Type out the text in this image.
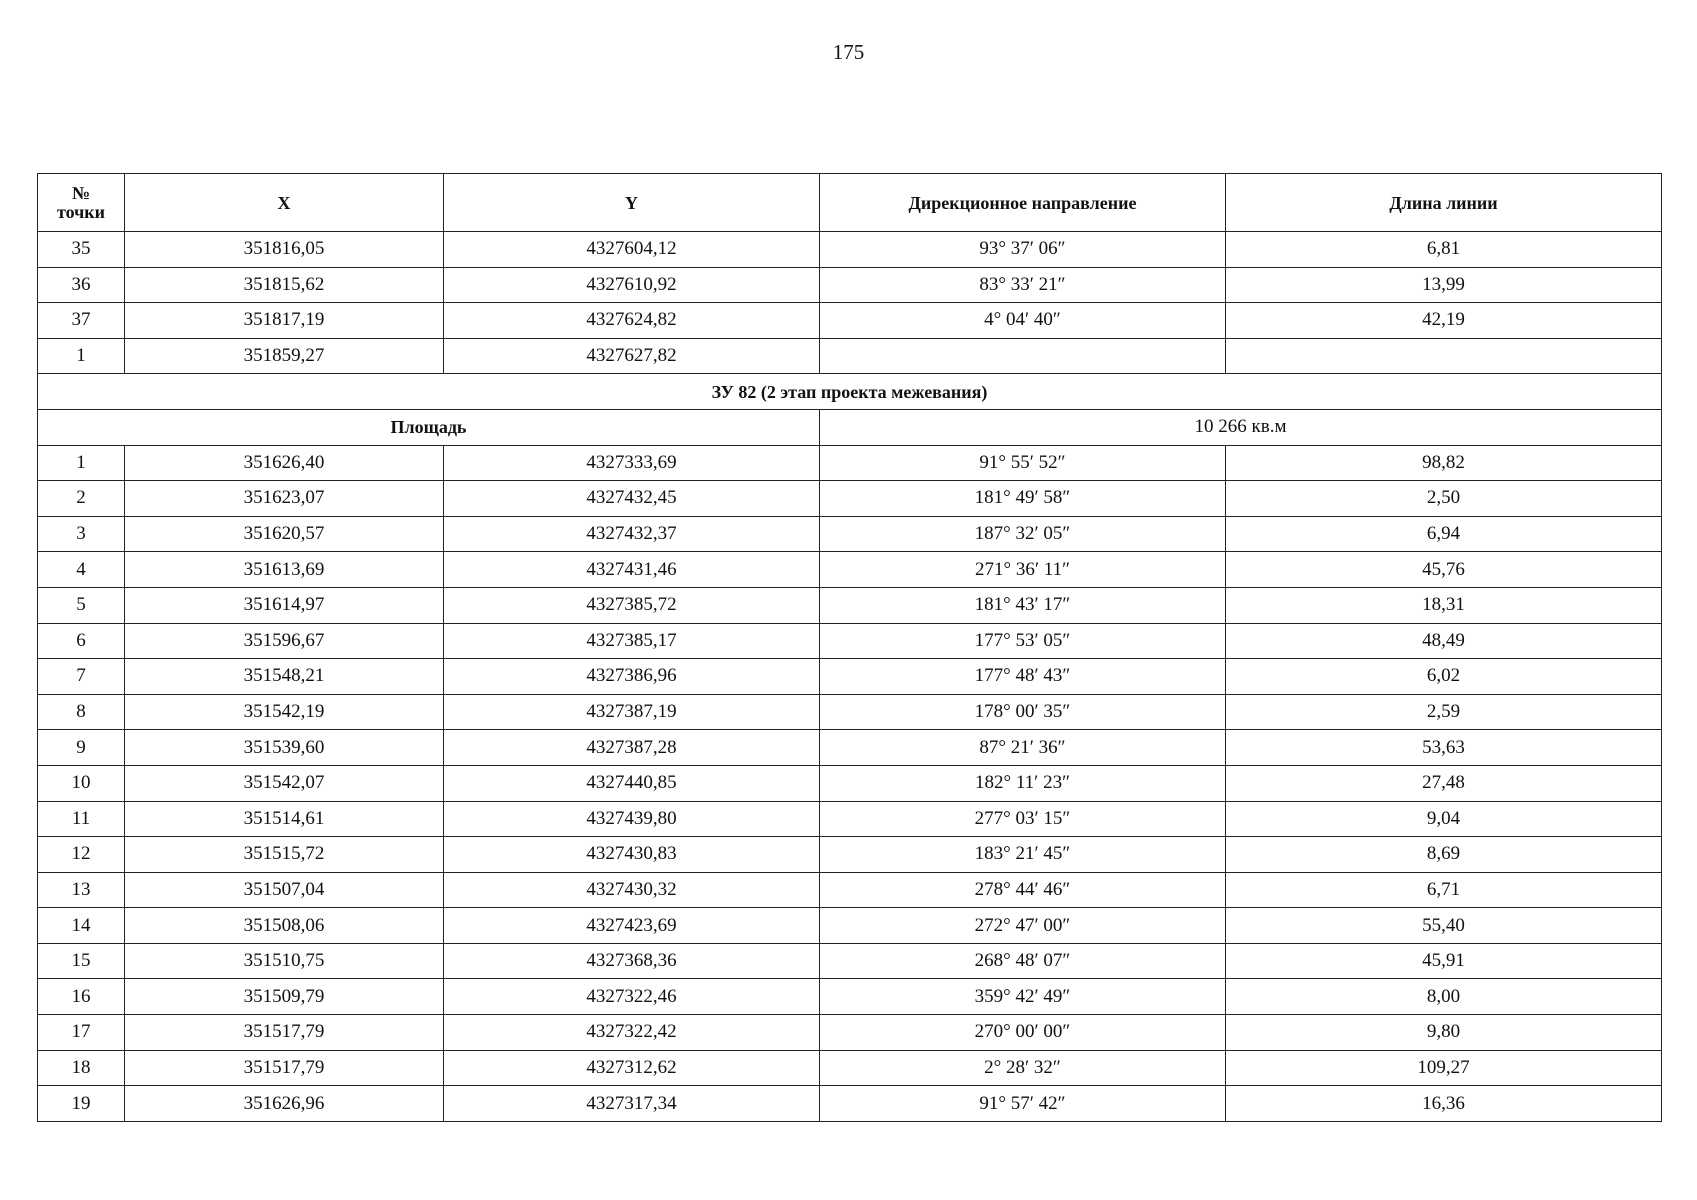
175
№
точки	X	Y	Дирекционное направление	Длина линии
35	351816,05	4327604,12	93° 37′ 06″	6,81
36	351815,62	4327610,92	83° 33′ 21″	13,99
37	351817,19	4327624,82	4° 04′ 40″	42,19
1	351859,27	4327627,82		
ЗУ 82 (2 этап проекта межевания)				
Площадь			10 266 кв.м	
1	351626,40	4327333,69	91° 55′ 52″	98,82
2	351623,07	4327432,45	181° 49′ 58″	2,50
3	351620,57	4327432,37	187° 32′ 05″	6,94
4	351613,69	4327431,46	271° 36′ 11″	45,76
5	351614,97	4327385,72	181° 43′ 17″	18,31
6	351596,67	4327385,17	177° 53′ 05″	48,49
7	351548,21	4327386,96	177° 48′ 43″	6,02
8	351542,19	4327387,19	178° 00′ 35″	2,59
9	351539,60	4327387,28	87° 21′ 36″	53,63
10	351542,07	4327440,85	182° 11′ 23″	27,48
11	351514,61	4327439,80	277° 03′ 15″	9,04
12	351515,72	4327430,83	183° 21′ 45″	8,69
13	351507,04	4327430,32	278° 44′ 46″	6,71
14	351508,06	4327423,69	272° 47′ 00″	55,40
15	351510,75	4327368,36	268° 48′ 07″	45,91
16	351509,79	4327322,46	359° 42′ 49″	8,00
17	351517,79	4327322,42	270° 00′ 00″	9,80
18	351517,79	4327312,62	2° 28′ 32″	109,27
19	351626,96	4327317,34	91° 57′ 42″	16,36
